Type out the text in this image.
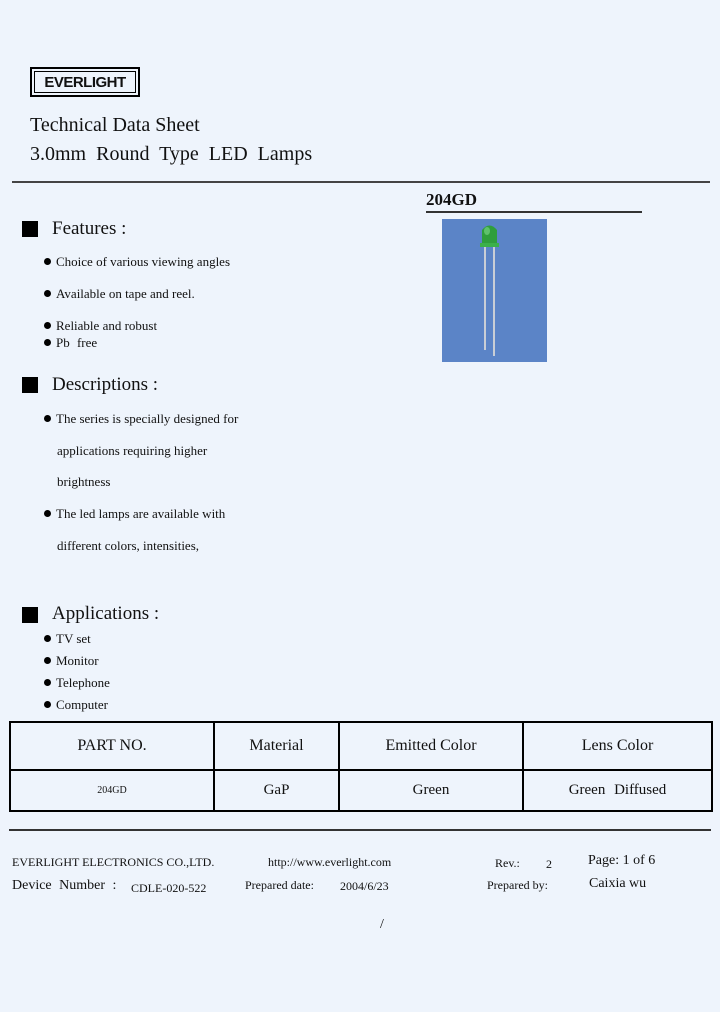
EVERLIGHT
Technical Data Sheet
3.0mm Round Type LED Lamps
204GD
Features :
Choice of various viewing angles
Available on tape and reel.
Reliable and robust
Pb free
Descriptions :
The series is specially designed for
applications requiring higher
brightness
The led lamps are available with
different colors, intensities,
Applications :
TV set
Monitor
Telephone
Computer
PART NO.	Material	Emitted Color	Lens Color
204GD	GaP	Green	Green Diffused
EVERLIGHT ELECTRONICS CO.,LTD.	http://www.everlight.com	Rev.: 2	Page: 1 of 6
Device Number : CDLE-020-522	Prepared date: 2004/6/23	Prepared by:	Caixia wu
/
